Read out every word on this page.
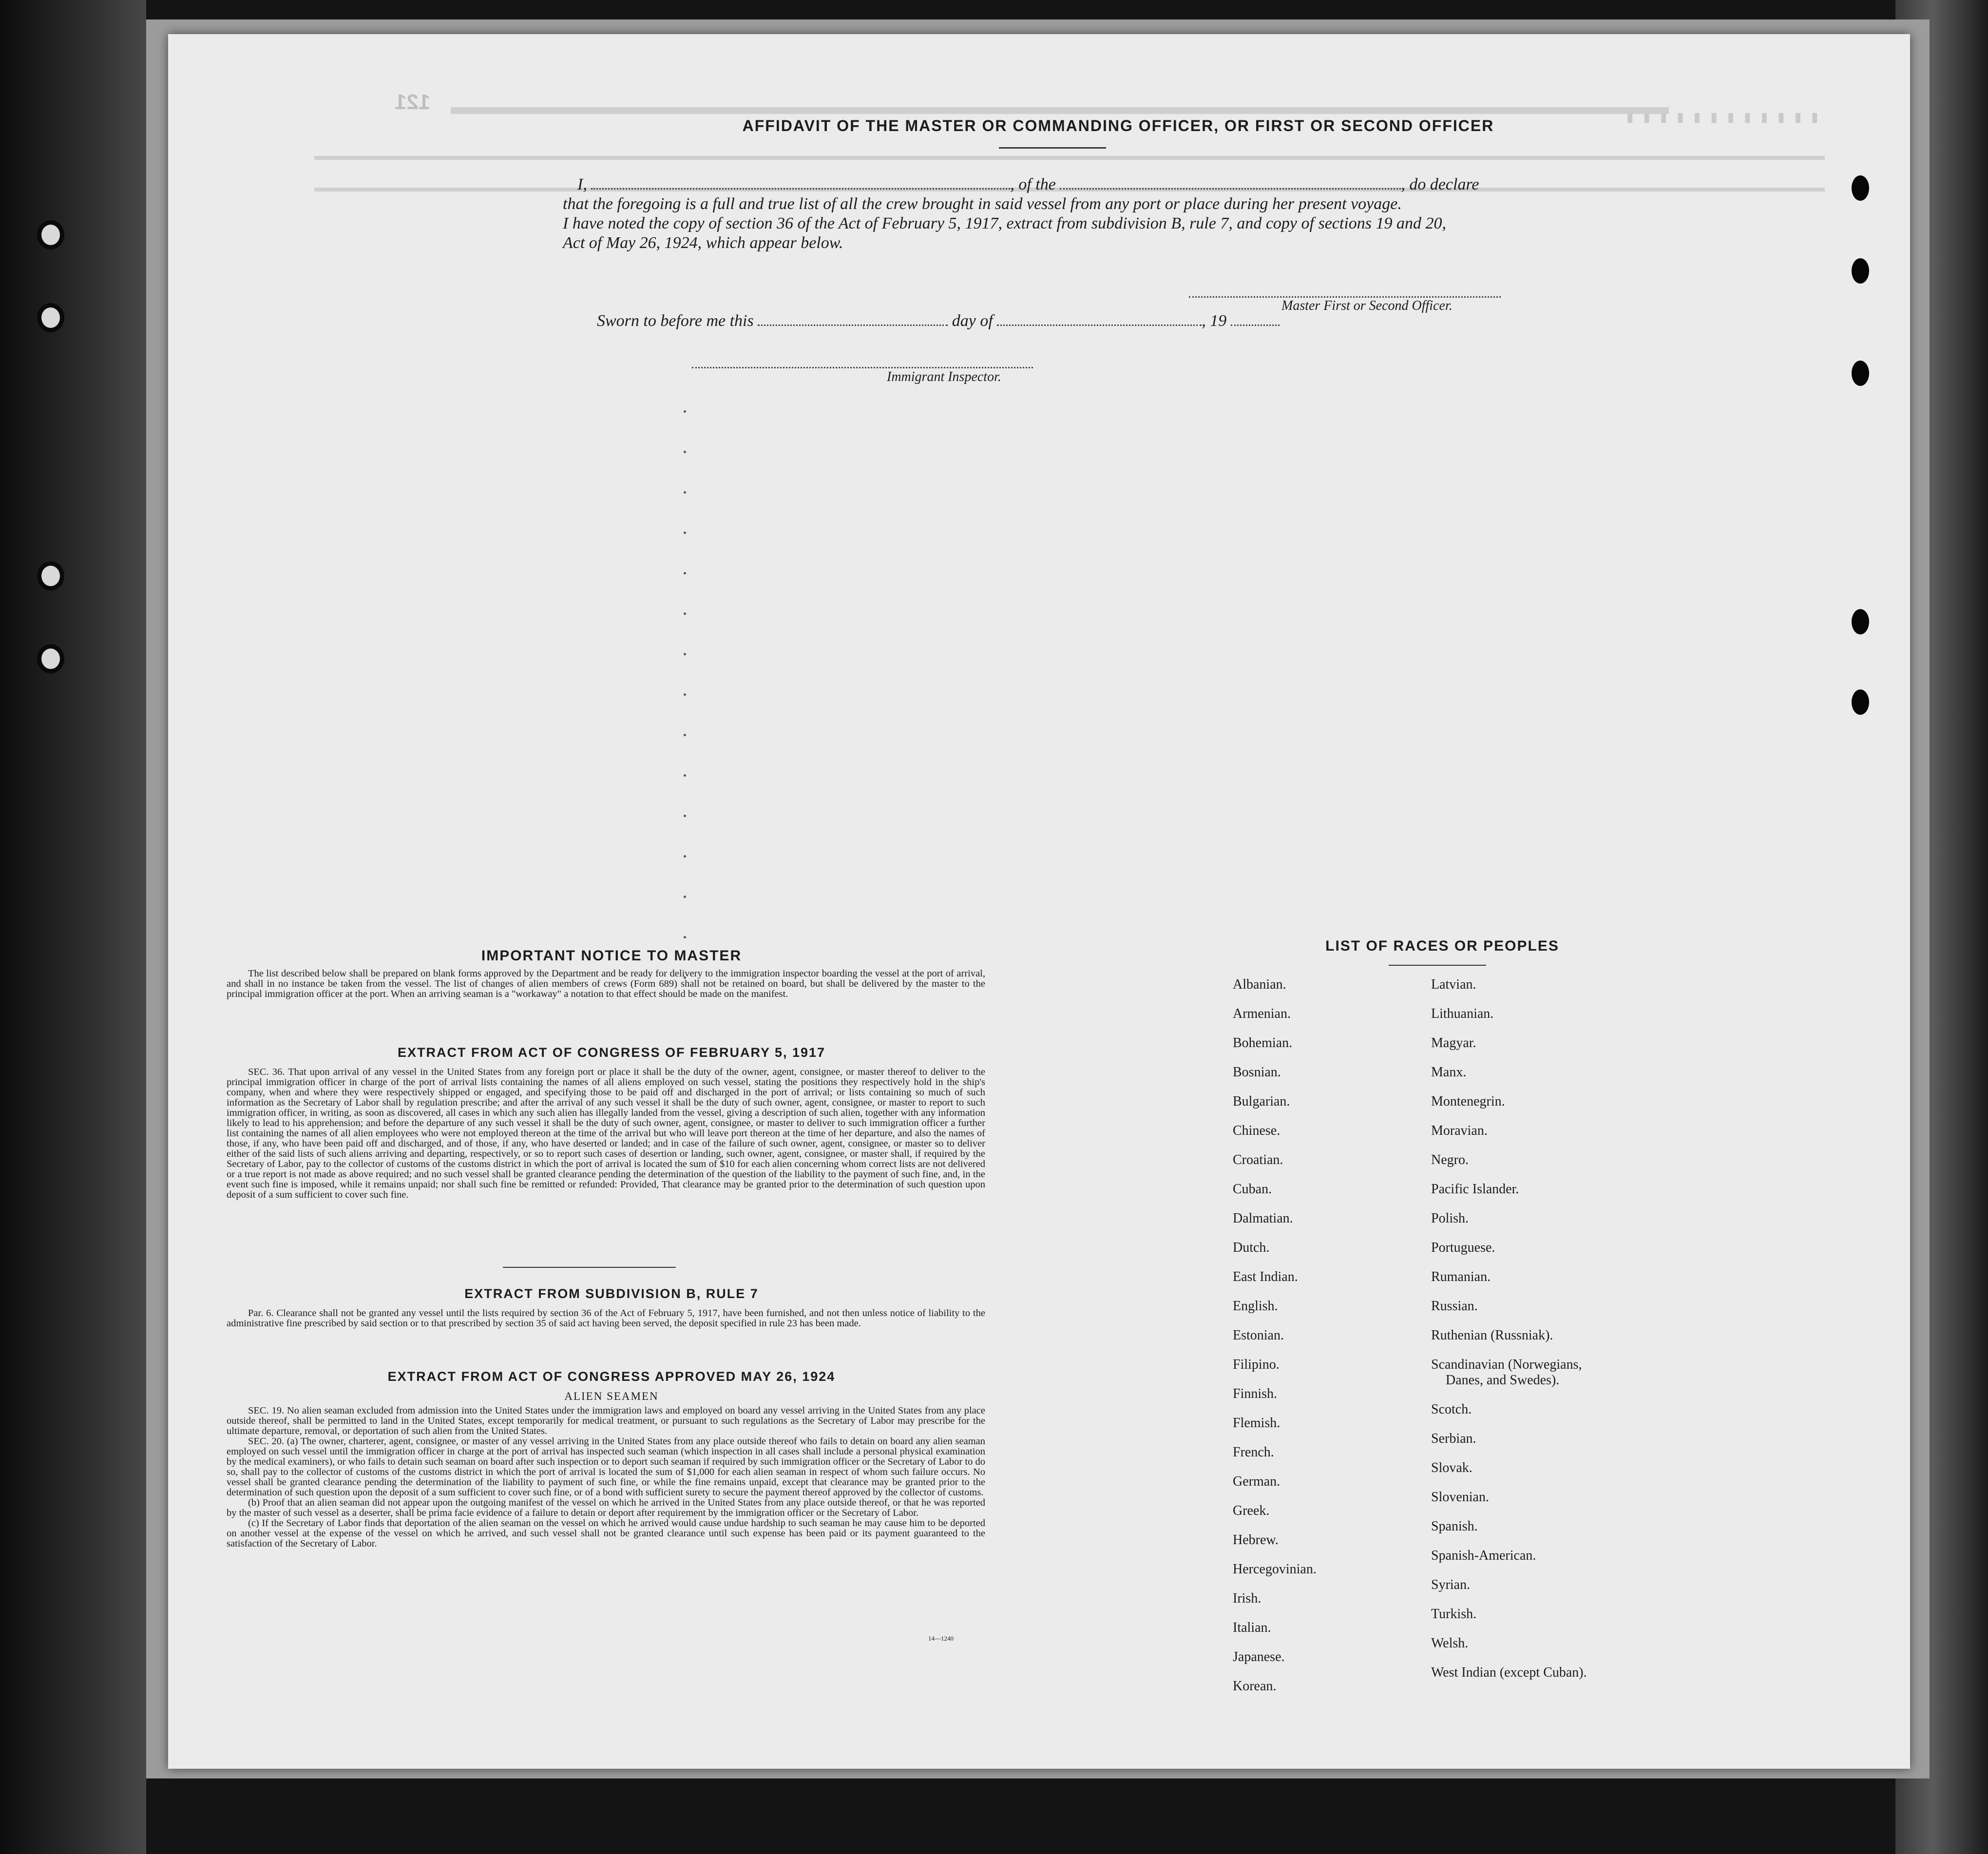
121
▮▮▮▮▮▮▮▮▮▮▮▮
AFFIDAVIT OF THE MASTER OR COMMANDING OFFICER, OR FIRST OR SECOND OFFICER
I,	, of the	, do declare
that the foregoing is a full and true list of all the crew brought in said vessel from any port or place during her present voyage.
I have noted the copy of section 36 of the Act of February 5, 1917, extract from subdivision B, rule 7, and copy of sections 19 and 20,
Act of May 26, 1924, which appear below.
Master First or Second Officer.
Sworn to before me this	day of	, 19
Immigrant Inspector.
IMPORTANT NOTICE TO MASTER
The list described below shall be prepared on blank forms approved by the Department and be ready for delivery to the immigration inspector boarding the vessel at the port of arrival, and shall in no instance be taken from the vessel. The list of changes of alien members of crews (Form 689) shall not be retained on board, but shall be delivered by the master to the principal immigration officer at the port. When an arriving seaman is a "workaway" a notation to that effect should be made on the manifest.
EXTRACT FROM ACT OF CONGRESS OF FEBRUARY 5, 1917
SEC. 36. That upon arrival of any vessel in the United States from any foreign port or place it shall be the duty of the owner, agent, consignee, or master thereof to deliver to the principal immigration officer in charge of the port of arrival lists containing the names of all aliens employed on such vessel, stating the positions they respectively hold in the ship's company, when and where they were respectively shipped or engaged, and specifying those to be paid off and discharged in the port of arrival; or lists containing so much of such information as the Secretary of Labor shall by regulation prescribe; and after the arrival of any such vessel it shall be the duty of such owner, agent, consignee, or master to report to such immigration officer, in writing, as soon as discovered, all cases in which any such alien has illegally landed from the vessel, giving a description of such alien, together with any information likely to lead to his apprehension; and before the departure of any such vessel it shall be the duty of such owner, agent, consignee, or master to deliver to such immigration officer a further list containing the names of all alien employees who were not employed thereon at the time of the arrival but who will leave port thereon at the time of her departure, and also the names of those, if any, who have been paid off and discharged, and of those, if any, who have deserted or landed; and in case of the failure of such owner, agent, consignee, or master so to deliver either of the said lists of such aliens arriving and departing, respectively, or so to report such cases of desertion or landing, such owner, agent, consignee, or master shall, if required by the Secretary of Labor, pay to the collector of customs of the customs district in which the port of arrival is located the sum of $10 for each alien concerning whom correct lists are not delivered or a true report is not made as above required; and no such vessel shall be granted clearance pending the determination of the question of the liability to the payment of such fine, and, in the event such fine is imposed, while it remains unpaid; nor shall such fine be remitted or refunded: Provided, That clearance may be granted prior to the determination of such question upon deposit of a sum sufficient to cover such fine.
EXTRACT FROM SUBDIVISION B, RULE 7
Par. 6. Clearance shall not be granted any vessel until the lists required by section 36 of the Act of February 5, 1917, have been furnished, and not then unless notice of liability to the administrative fine prescribed by said section or to that prescribed by section 35 of said act having been served, the deposit specified in rule 23 has been made.
EXTRACT FROM ACT OF CONGRESS APPROVED MAY 26, 1924
ALIEN SEAMEN

SEC. 19. No alien seaman excluded from admission into the United States under the immigration laws and employed on board any vessel arriving in the United States from any place outside thereof, shall be permitted to land in the United States, except temporarily for medical treatment, or pursuant to such regulations as the Secretary of Labor may prescribe for the ultimate departure, removal, or deportation of such alien from the United States.

SEC. 20. (a) The owner, charterer, agent, consignee, or master of any vessel arriving in the United States from any place outside thereof who fails to detain on board any alien seaman employed on such vessel until the immigration officer in charge at the port of arrival has inspected such seaman (which inspection in all cases shall include a personal physical examination by the medical examiners), or who fails to detain such seaman on board after such inspection or to deport such seaman if required by such immigration officer or the Secretary of Labor to do so, shall pay to the collector of customs of the customs district in which the port of arrival is located the sum of $1,000 for each alien seaman in respect of whom such failure occurs. No vessel shall be granted clearance pending the determination of the liability to payment of such fine, or while the fine remains unpaid, except that clearance may be granted prior to the determination of such question upon the deposit of a sum sufficient to cover such fine, or of a bond with sufficient surety to secure the payment thereof approved by the collector of customs.

(b) Proof that an alien seaman did not appear upon the outgoing manifest of the vessel on which he arrived in the United States from any place outside thereof, or that he was reported by the master of such vessel as a deserter, shall be prima facie evidence of a failure to detain or deport after requirement by the immigration officer or the Secretary of Labor.

(c) If the Secretary of Labor finds that deportation of the alien seaman on the vessel on which he arrived would cause undue hardship to such seaman he may cause him to be deported on another vessel at the expense of the vessel on which he arrived, and such vessel shall not be granted clearance until such expense has been paid or its payment guaranteed to the satisfaction of the Secretary of Labor.

14—1240
LIST OF RACES OR PEOPLES
Albanian.
Armenian.
Bohemian.
Bosnian.
Bulgarian.
Chinese.
Croatian.
Cuban.
Dalmatian.
Dutch.
East Indian.
English.
Estonian.
Filipino.
Finnish.
Flemish.
French.
German.
Greek.
Hebrew.
Hercegovinian.
Irish.
Italian.
Japanese.
Korean.
Latvian.
Lithuanian.
Magyar.
Manx.
Montenegrin.
Moravian.
Negro.
Pacific Islander.
Polish.
Portuguese.
Rumanian.
Russian.
Ruthenian (Russniak).
Scandinavian (Norwegians,
Danes, and Swedes).
Scotch.
Serbian.
Slovak.
Slovenian.
Spanish.
Spanish-American.
Syrian.
Turkish.
Welsh.
West Indian (except Cuban).
